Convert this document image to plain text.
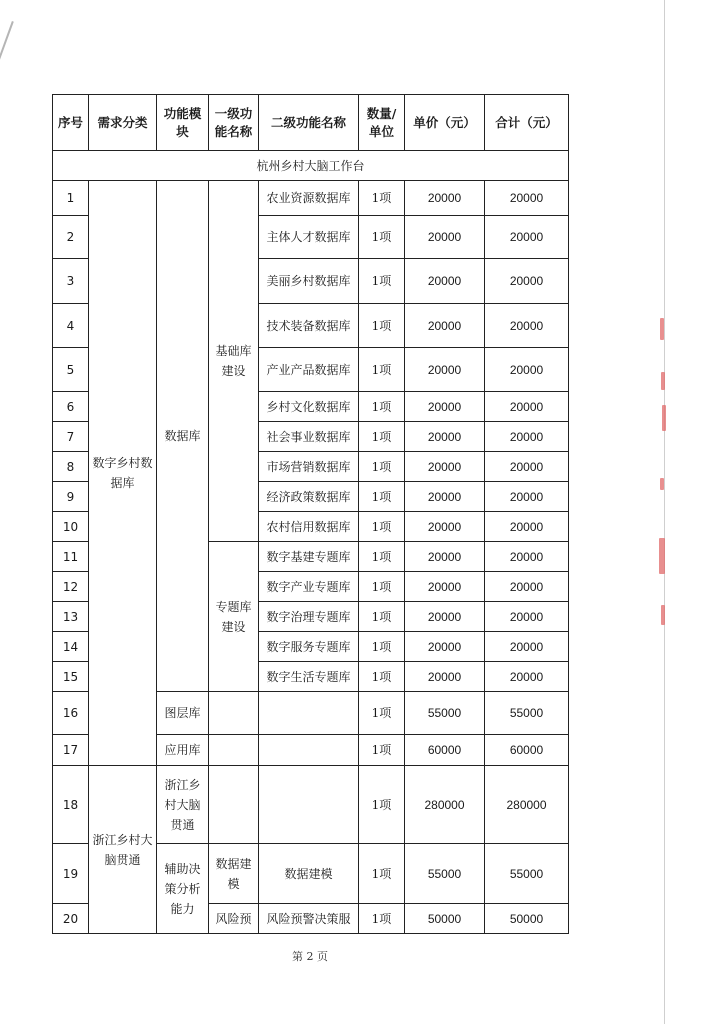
序号	需求分类	功能模块	一级功能名称	二级功能名称	数量/单位	单价（元）	合计（元）
杭州乡村大脑工作台							
1	数字乡村数据库	数据库	基础库建设	农业资源数据库	1项	20000	20000
2				主体人才数据库	1项	20000	20000
3				美丽乡村数据库	1项	20000	20000
4				技术装备数据库	1项	20000	20000
5				产业产品数据库	1项	20000	20000
6				乡村文化数据库	1项	20000	20000
7				社会事业数据库	1项	20000	20000
8				市场营销数据库	1项	20000	20000
9				经济政策数据库	1项	20000	20000
10				农村信用数据库	1项	20000	20000
11			专题库建设	数字基建专题库	1项	20000	20000
12				数字产业专题库	1项	20000	20000
13				数字治理专题库	1项	20000	20000
14				数字服务专题库	1项	20000	20000
15				数字生活专题库	1项	20000	20000
16		图层库			1项	55000	55000
17		应用库			1项	60000	60000
18	浙江乡村大脑贯通	浙江乡村大脑贯通			1项	280000	280000
19		辅助决策分析能力	数据建模	数据建模	1项	55000	55000
20			风险预	风险预警决策服	1项	50000	50000
第 2 页
